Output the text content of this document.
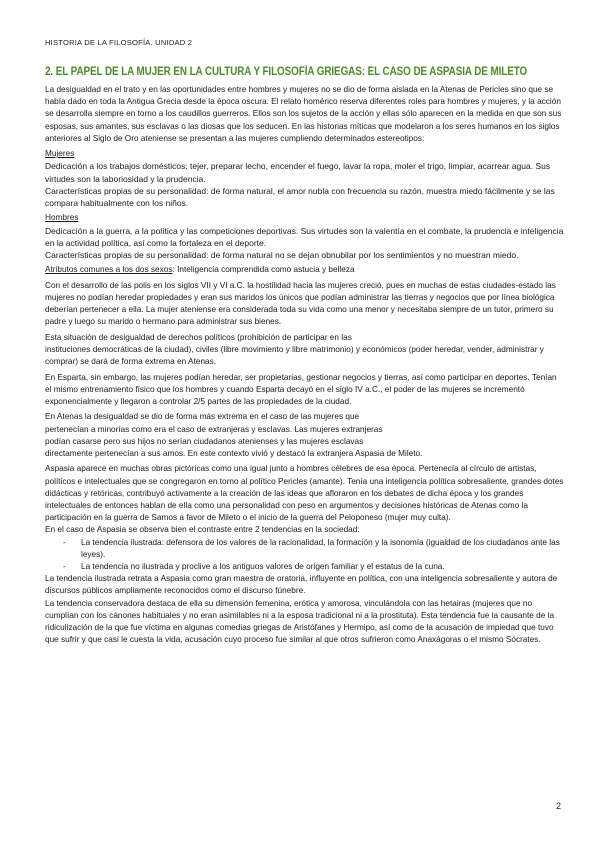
HISTORIA DE LA FILOSOFÍA. UNIDAD 2
2. EL PAPEL DE LA MUJER EN LA CULTURA Y FILOSOFÍA GRIEGAS: EL CASO DE ASPASIA DE MILETO

La desigualdad en el trato y en las oportunidades entre hombres y mujeres no se dio de forma aislada en la Atenas de Pericles sino que se había dado en toda la Antigua Grecia desde la época oscura. El relato homérico reserva diferentes roles para hombres y mujeres, y la acción se desarrolla siempre en torno a los caudillos guerreros. Ellos son los sujetos de la acción y ellas sólo aparecen en la medida en que son sus esposas, sus amantes, sus esclavas o las diosas que los seducen. En las historias míticas que modelaron a los seres humanos en los siglos anteriores al Siglo de Oro ateniense se presentan a las mujeres cumpliendo determinados estereotipos:

Mujeres

Dedicación a los trabajos domésticos: tejer, preparar lecho, encender el fuego, lavar la ropa, moler el trigo, limpiar, acarrear agua. Sus virtudes son la laboriosidad y la prudencia.

Características propias de su personalidad: de forma natural, el amor nubla con frecuencia su razón, muestra miedo fácilmente y se las compara habitualmente con los niños.

Hombres

Dedicación a la guerra, a la política y las competiciones deportivas. Sus virtudes son la valentía en el combate, la prudencia e inteligencia en la actividad política, así como la fortaleza en el deporte.

Características propias de su personalidad: de forma natural no se dejan obnubilar por los sentimientos y no muestran miedo.

Atributos comunes a los dos sexos: Inteligencia comprendida como astucia y belleza

Con el desarrollo de las polis en los siglos VII y VI a.C. la hostilidad hacia las mujeres creció, pues en muchas de estas ciudades-estado las mujeres no podían heredar propiedades y eran sus maridos los únicos que podían administrar las tierras y negocios que por línea biológica deberían pertenecer a ella. La mujer ateniense era considerada toda su vida como una menor y necesitaba siempre de un tutor, primero su padre y luego su marido o hermano para administrar sus bienes.

Esta situación de desigualdad de derechos políticos (prohibición de participar en las
instituciones democráticas de la ciudad), civiles (libre movimiento y libre matrimonio) y económicos (poder heredar, vender, administrar y comprar) se dará de forma extrema en Atenas.

En Esparta, sin embargo, las mujeres podían heredar, ser propietarias, gestionar negocios y tierras, así como participar en deportes. Tenían el mismo entrenamiento físico que los hombres y cuando Esparta decayó en el siglo IV a.C., el poder de las mujeres se incrementó exponencialmente y llegaron a controlar 2/5 partes de las propiedades de la ciudad.

En Atenas la desigualdad se dio de forma más extrema en el caso de las mujeres que
pertenecían a minorías como era el caso de extranjeras y esclavas. Las mujeres extranjeras
podían casarse pero sus hijos no serían ciudadanos atenienses y las mujeres esclavas
directamente pertenecían a sus amos. En este contexto vivió y destacó la extranjera Aspasia de Mileto.

Aspasia aparece en muchas obras pictóricas como una igual junto a hombres célebres de esa época. Pertenecía al círculo de artistas, políticos e intelectuales que se congregaron en torno al político Pericles (amante). Tenía una inteligencia política sobresaliente, grandes dotes didácticas y retóricas, contribuyó activamente a la creación de las ideas que afloraron en los debates de dicha época y los grandes intelectuales de entonces hablan de ella como una personalidad con peso en argumentos y decisiones históricas de Atenas como la participación en la guerra de Samos a favor de Mileto o el inicio de la guerra del Peloponeso (mujer muy culta).

En el caso de Aspasia se observa bien el contraste entre 2 tendencias en la sociedad:

-	La tendencia ilustrada: defensora de los valores de la racionalidad, la formación y la isonomía (igualdad de los ciudadanos ante las leyes).
-	La tendencia no ilustrada y proclive a los antiguos valores de origen familiar y el estatus de la cuna.

La tendencia ilustrada retrata a Aspasia como gran maestra de oratoria, influyente en política, con una inteligencia sobresaliente y autora de discursos públicos ampliamente reconocidos como el discurso fúnebre.

La tendencia conservadora destaca de ella su dimensión femenina, erótica y amorosa, vinculándola con las hetairas (mujeres que no cumplían con los cánones habituales y no eran asimilables ni a la esposa tradicional ni a la prostituta). Esta tendencia fue la causante de la ridiculización de la que fue víctima en algunas comedias griegas de Aristófanes y Hermipo, así como de la acusación de impiedad que tuvo que sufrir y que casi le cuesta la vida, acusación cuyo proceso fue similar al que otros sufrieron como Anaxágoras o el mismo Sócrates.

2
